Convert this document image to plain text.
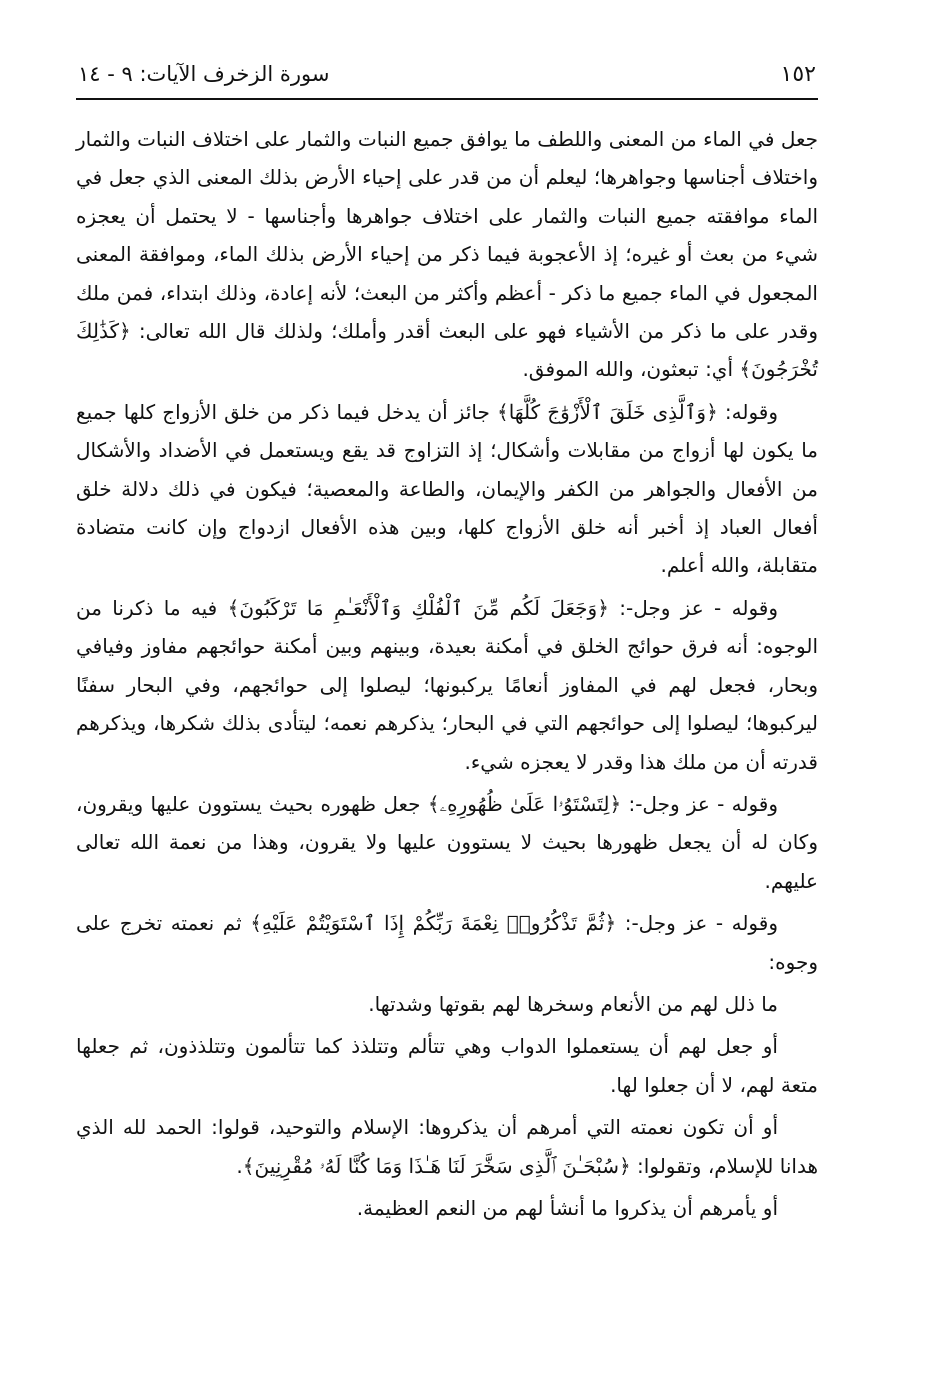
١٥٢
سورة الزخرف الآيات: ٩ - ١٤

جعل في الماء من المعنى واللطف ما يوافق جميع النبات والثمار على اختلاف النبات والثمار واختلاف أجناسها وجواهرها؛ ليعلم أن من قدر على إحياء الأرض بذلك المعنى الذي جعل في الماء موافقته جميع النبات والثمار على اختلاف جواهرها وأجناسها - لا يحتمل أن يعجزه شيء من بعث أو غيره؛ إذ الأعجوبة فيما ذكر من إحياء الأرض بذلك الماء، وموافقة المعنى المجعول في الماء جميع ما ذكر - أعظم وأكثر من البعث؛ لأنه إعادة، وذلك ابتداء، فمن ملك وقدر على ما ذكر من الأشياء فهو على البعث أقدر وأملك؛ ولذلك قال الله تعالى: ﴿كَذَٰلِكَ تُخْرَجُونَ﴾ أي: تبعثون، والله الموفق.

وقوله: ﴿وَٱلَّذِى خَلَقَ ٱلْأَزْوَٰجَ كُلَّهَا﴾ جائز أن يدخل فيما ذكر من خلق الأزواج كلها جميع ما يكون لها أزواج من مقابلات وأشكال؛ إذ التزاوج قد يقع ويستعمل في الأضداد والأشكال من الأفعال والجواهر من الكفر والإيمان، والطاعة والمعصية؛ فيكون في ذلك دلالة خلق أفعال العباد إذ أخبر أنه خلق الأزواج كلها، وبين هذه الأفعال ازدواج وإن كانت متضادة متقابلة، والله أعلم.

وقوله - عز وجل-: ﴿وَجَعَلَ لَكُم مِّنَ ٱلْفُلْكِ وَٱلْأَنْعَـٰمِ مَا تَرْكَبُونَ﴾ فيه ما ذكرنا من الوجوه: أنه فرق حوائج الخلق في أمكنة بعيدة، وبينهم وبين أمكنة حوائجهم مفاوز وفيافي وبحار، فجعل لهم في المفاوز أنعامًا يركبونها؛ ليصلوا إلى حوائجهم، وفي البحار سفنًا ليركبوها؛ ليصلوا إلى حوائجهم التي في البحار؛ يذكرهم نعمه؛ ليتأدى بذلك شكرها، ويذكرهم قدرته أن من ملك هذا وقدر لا يعجزه شيء.

وقوله - عز وجل-: ﴿لِتَسْتَوُۥا عَلَىٰ ظُهُورِهِۦ﴾ جعل ظهوره بحيث يستوون عليها ويقرون، وكان له أن يجعل ظهورها بحيث لا يستوون عليها ولا يقرون، وهذا من نعمة الله تعالى عليهم.

وقوله - عز وجل-: ﴿ثُمَّ تَذْكُرُوا۟ نِعْمَةَ رَبِّكُمْ إِذَا ٱسْتَوَيْتُمْ عَلَيْهِ﴾ ثم نعمته تخرج على وجوه:

ما ذلل لهم من الأنعام وسخرها لهم بقوتها وشدتها.

أو جعل لهم أن يستعملوا الدواب وهي تتألم وتتلذذ كما تتألمون وتتلذذون، ثم جعلها متعة لهم، لا أن جعلوا لها.

أو أن تكون نعمته التي أمرهم أن يذكروها: الإسلام والتوحيد، قولوا: الحمد لله الذي هدانا للإسلام، وتقولوا: ﴿سُبْحَـٰنَ ٱلَّذِى سَخَّرَ لَنَا هَـٰذَا وَمَا كُنَّا لَهُۥ مُقْرِنِينَ﴾.

أو يأمرهم أن يذكروا ما أنشأ لهم من النعم العظيمة.
